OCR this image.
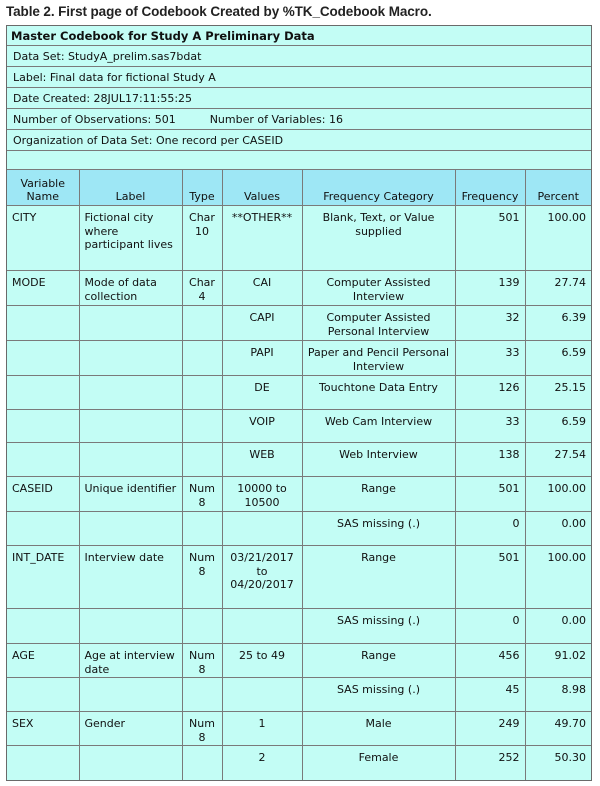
Table 2. First page of Codebook Created by %TK_Codebook Macro.
Master Codebook for Study A Preliminary Data
Data Set: StudyA_prelim.sas7bdat
Label: Final data for fictional Study A
Date Created: 28JUL17:11:55:25
Number of Observations: 501	Number of Variables: 16
Organization of Data Set: One record per CASEID
Variable Name	Label	Type	Values	Frequency Category	Frequency	Percent
CITY	Fictional city where participant lives	Char 10	**OTHER**	Blank, Text, or Value supplied	501	100.00
MODE	Mode of data collection	Char 4	CAI	Computer Assisted Interview	139	27.74
			CAPI	Computer Assisted Personal Interview	32	6.39
			PAPI	Paper and Pencil Personal Interview	33	6.59
			DE	Touchtone Data Entry	126	25.15
			VOIP	Web Cam Interview	33	6.59
			WEB	Web Interview	138	27.54
CASEID	Unique identifier	Num 8	10000 to 10500	Range	501	100.00
				SAS missing (.)	0	0.00
INT_DATE	Interview date	Num 8	03/21/2017 to 04/20/2017	Range	501	100.00
				SAS missing (.)	0	0.00
AGE	Age at interview date	Num 8	25 to 49	Range	456	91.02
				SAS missing (.)	45	8.98
SEX	Gender	Num 8	1	Male	249	49.70
			2	Female	252	50.30
